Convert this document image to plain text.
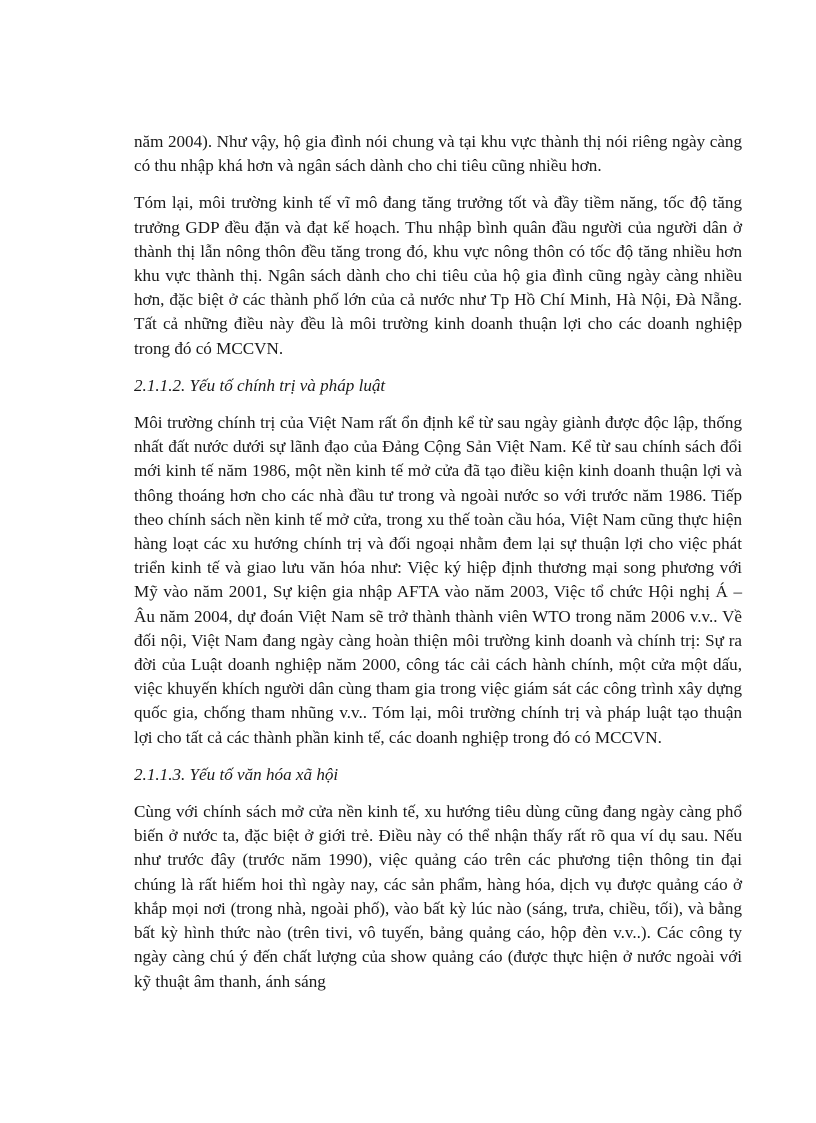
năm 2004). Như vậy, hộ gia đình nói chung và tại khu vực thành thị nói riêng ngày càng có thu nhập khá hơn và ngân sách dành cho chi tiêu cũng nhiều hơn.

Tóm lại, môi trường kinh tế vĩ mô đang tăng trưởng tốt và đầy tiềm năng, tốc độ tăng trưởng GDP đều đặn và đạt kế hoạch. Thu nhập bình quân đầu người của người dân ở thành thị lẫn nông thôn đều tăng trong đó, khu vực nông thôn có tốc độ tăng nhiều hơn khu vực thành thị. Ngân sách dành cho chi tiêu của hộ gia đình cũng ngày càng nhiều hơn, đặc biệt ở các thành phố lớn của cả nước như Tp Hồ Chí Minh, Hà Nội, Đà Nẵng. Tất cả những điều này đều là môi trường kinh doanh thuận lợi cho các doanh nghiệp trong đó có MCCVN.

2.1.1.2. Yếu tố chính trị và pháp luật

Môi trường chính trị của Việt Nam rất ổn định kể từ sau ngày giành được độc lập, thống nhất đất nước dưới sự lãnh đạo của Đảng Cộng Sản Việt Nam. Kể từ sau chính sách đổi mới kinh tế năm 1986, một nền kinh tế mở cửa đã tạo điều kiện kinh doanh thuận lợi và thông thoáng hơn cho các nhà đầu tư trong và ngoài nước so với trước năm 1986. Tiếp theo chính sách nền kinh tế mở cửa, trong xu thế toàn cầu hóa, Việt Nam cũng thực hiện hàng loạt các xu hướng chính trị và đối ngoại nhằm đem lại sự thuận lợi cho việc phát triển kinh tế và giao lưu văn hóa như: Việc ký hiệp định thương mại song phương với Mỹ vào năm 2001, Sự kiện gia nhập AFTA vào năm 2003, Việc tổ chức Hội nghị Á – Âu năm 2004, dự đoán Việt Nam sẽ trở thành thành viên WTO trong năm 2006 v.v.. Về đối nội, Việt Nam đang ngày càng hoàn thiện môi trường kinh doanh và chính trị: Sự ra đời của Luật doanh nghiệp năm 2000, công tác cải cách hành chính, một cửa một dấu, việc khuyến khích người dân cùng tham gia trong việc giám sát các công trình xây dựng quốc gia, chống tham nhũng v.v.. Tóm lại, môi trường chính trị và pháp luật tạo thuận lợi cho tất cả các thành phần kinh tế, các doanh nghiệp trong đó có MCCVN.

2.1.1.3. Yếu tố văn hóa xã hội

Cùng với chính sách mở cửa nền kinh tế, xu hướng tiêu dùng cũng đang ngày càng phổ biến ở nước ta, đặc biệt ở giới trẻ. Điều này có thể nhận thấy rất rõ qua ví dụ sau. Nếu như trước đây (trước năm 1990), việc quảng cáo trên các phương tiện thông tin đại chúng là rất hiếm hoi thì ngày nay, các sản phẩm, hàng hóa, dịch vụ được quảng cáo ở khắp mọi nơi (trong nhà, ngoài phố), vào bất kỳ lúc nào (sáng, trưa, chiều, tối), và bằng bất kỳ hình thức nào (trên tivi, vô tuyến, bảng quảng cáo, hộp đèn v.v..). Các công ty ngày càng chú ý đến chất lượng của show quảng cáo (được thực hiện ở nước ngoài với kỹ thuật âm thanh, ánh sáng
